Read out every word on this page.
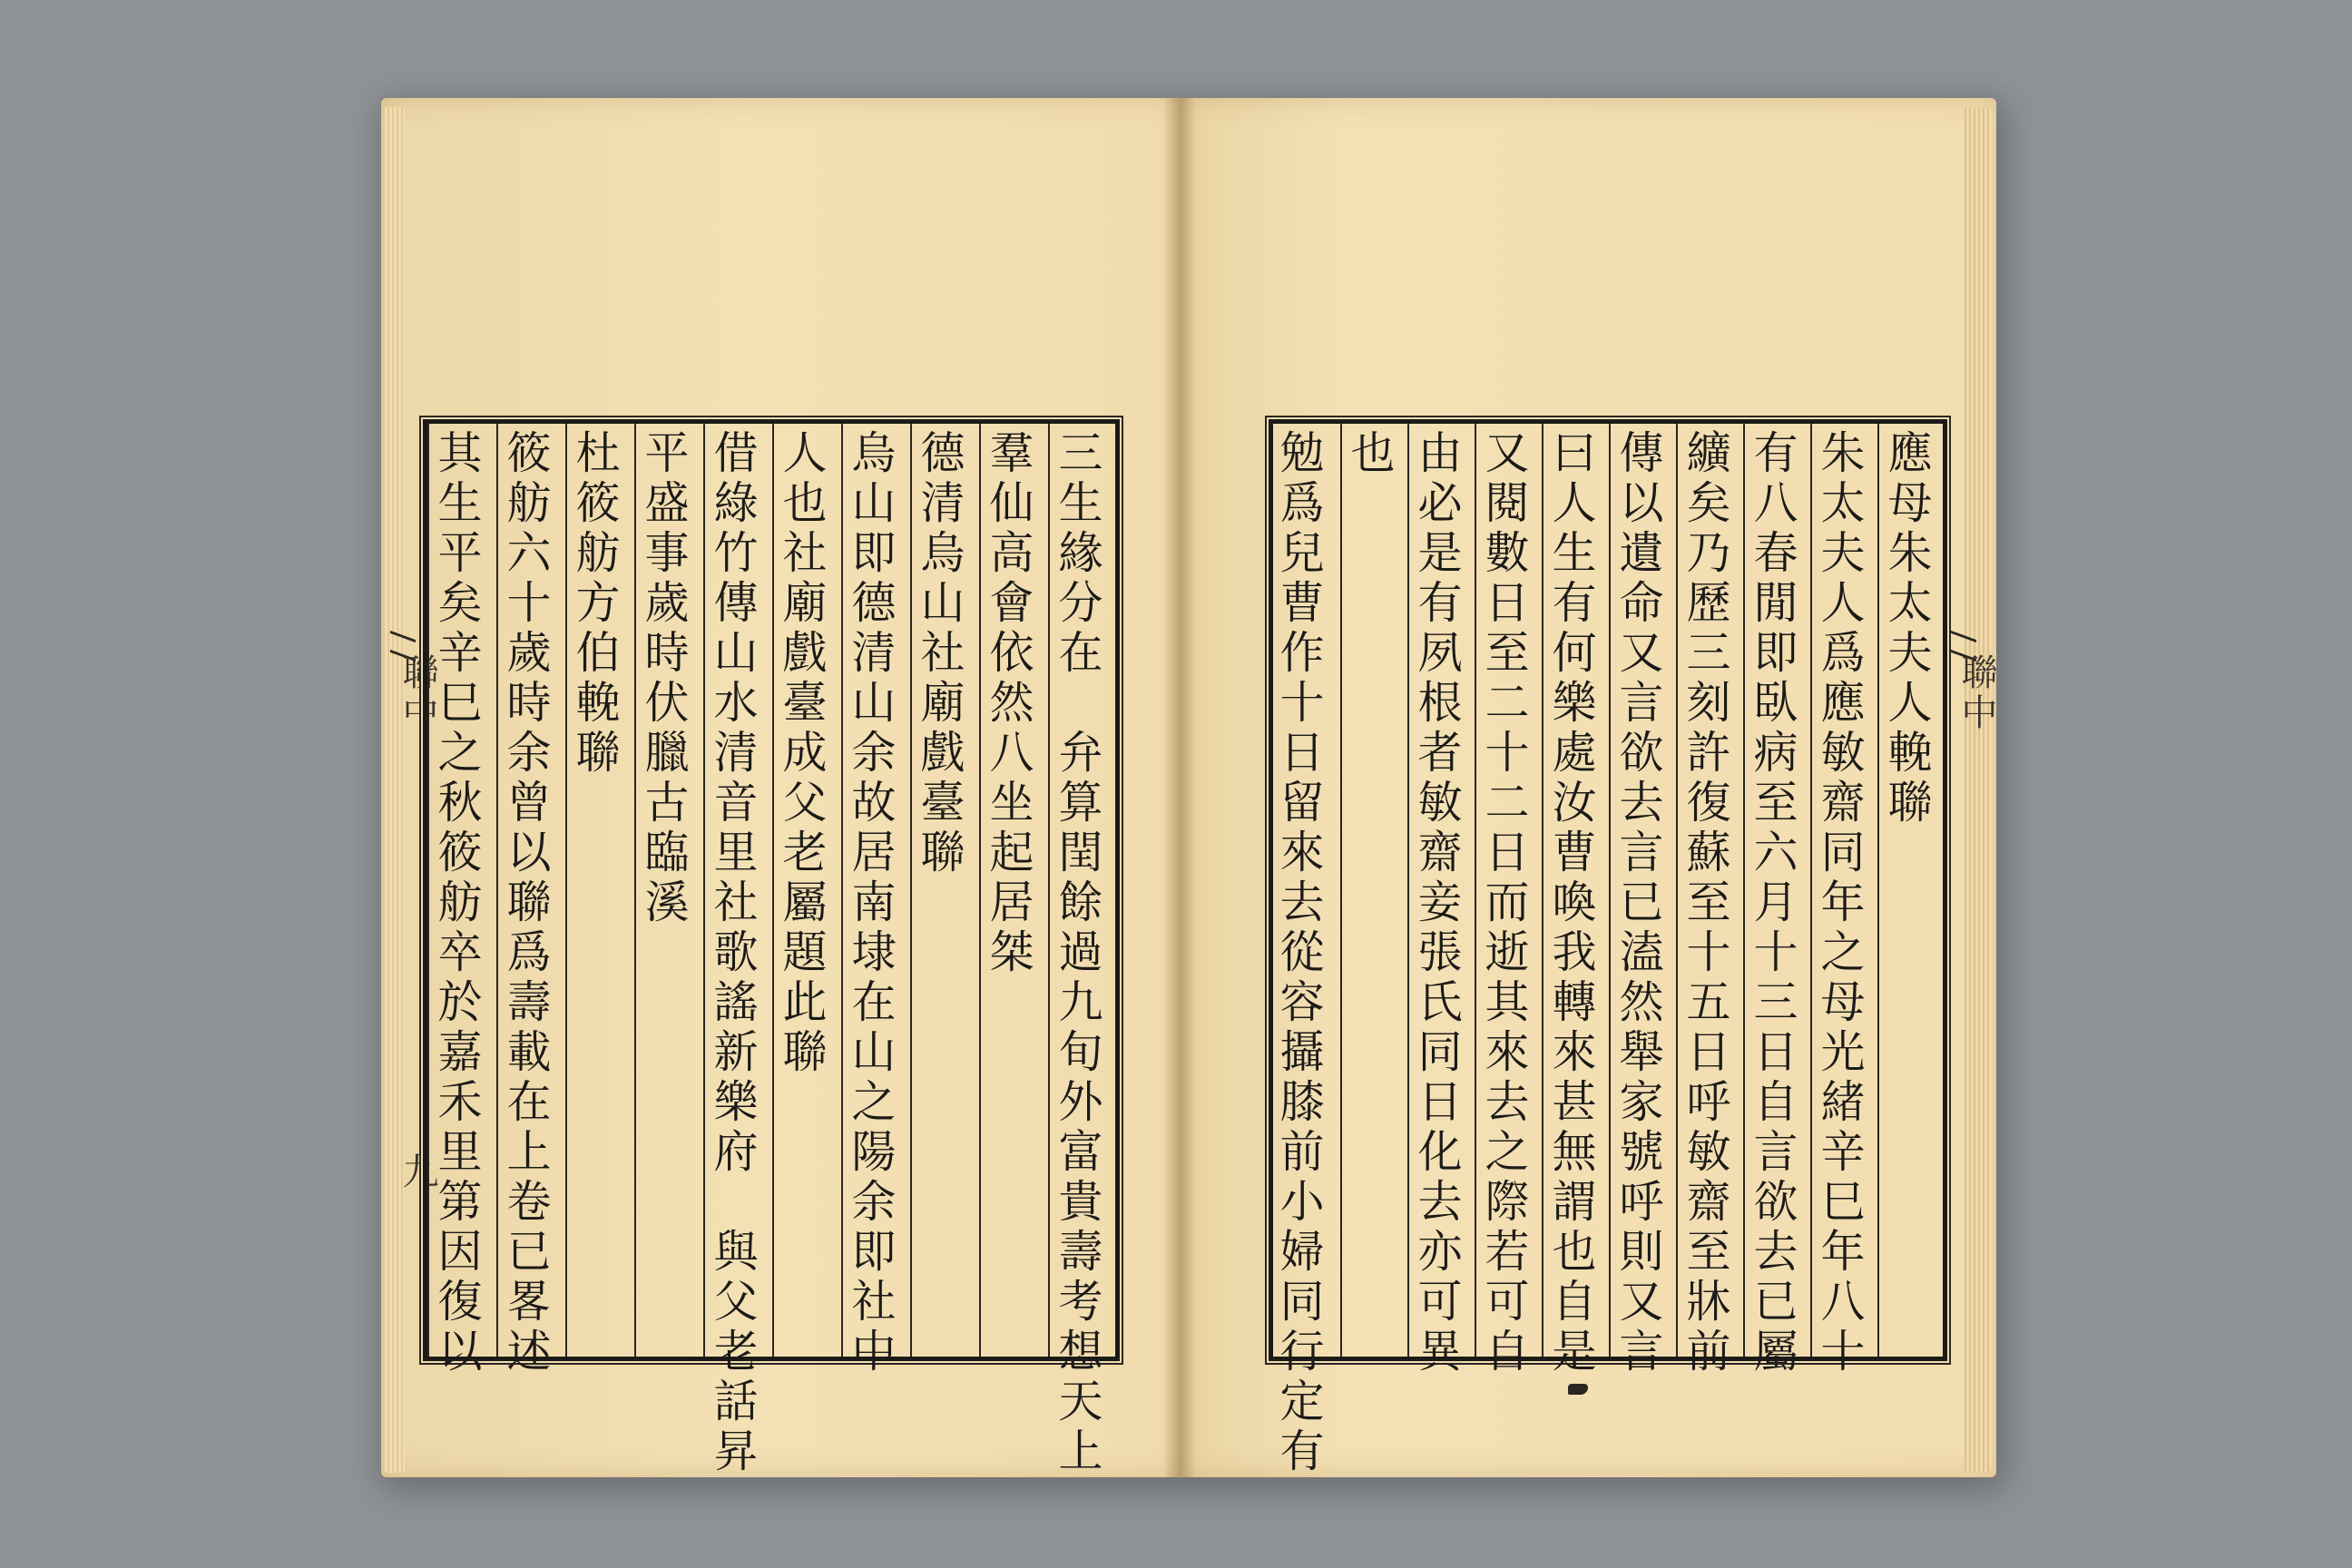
聯中
九
其生平矣辛巳之秋筱舫卒於嘉禾里第因復以 筱舫六十歲時余曾以聯爲壽載在上卷已畧述 杜筱舫方伯輓聯 平盛事歲時伏臘古臨溪 借綠竹傳山水清音里社歌謠新樂府　與父老話昇 人也社廟戲臺成父老屬題此聯 烏山即德清山余故居南埭在山之陽余即社中 德清烏山社廟戲臺聯 羣仙高會依然八坐起居桀 三生緣分在　弁算閏餘過九旬外富貴壽考想天上	勉爲兒曹作十日留來去從容攝膝前小婦同行定有 也 由必是有夙根者敏齋妾張氏同日化去亦可異 又閱數日至二十二日而逝其來去之際若可自 曰人生有何樂處汝曹喚我轉來甚無謂也自是 傳以遺命又言欲去言已溘然舉家號呼則又言 纊矣乃歷三刻許復蘇至十五日呼敏齋至牀前 有八春閒即臥病至六月十三日自言欲去已屬 朱太夫人爲應敏齋同年之母光緒辛巳年八十 應母朱太夫人輓聯 聯中
